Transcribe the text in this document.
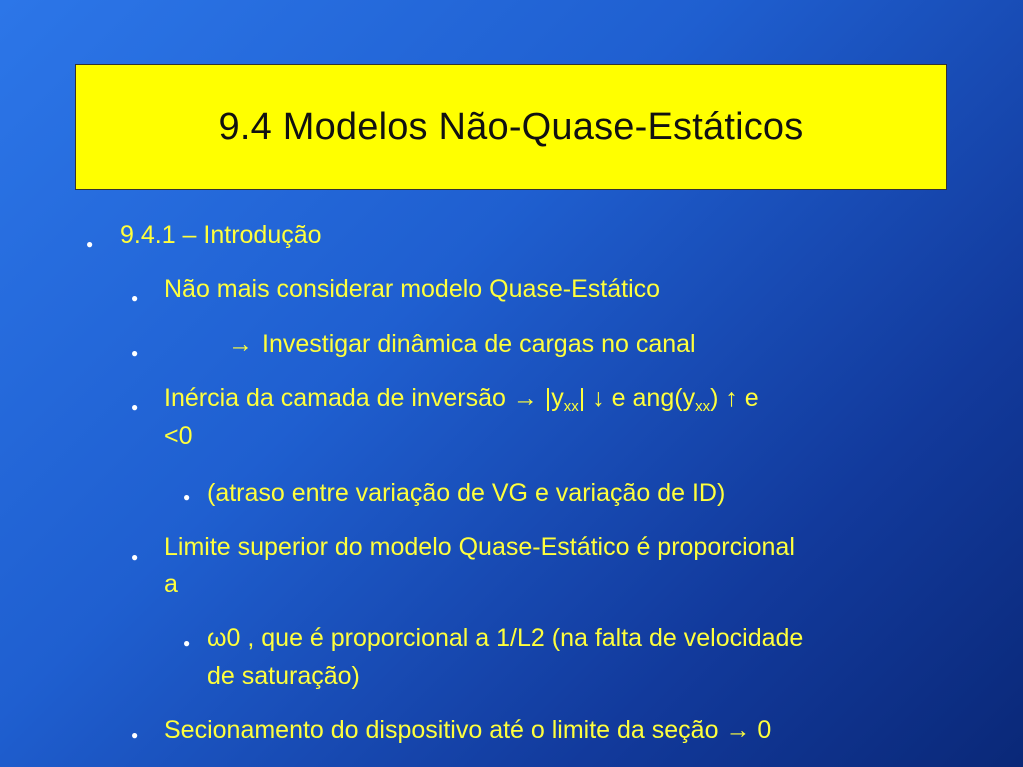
9.4 Modelos Não-Quase-Estáticos
● 9.4.1 – Introdução
● Não mais considerar modelo Quase-Estático
●	→ Investigar dinâmica de cargas no canal
● Inércia da camada de inversão → $|y_{xx}|$ ↓ e $ang(y_{xx})$ ↑ e
<0
● (atraso entre variação de VG e variação de ID)
● Limite superior do modelo Quase-Estático é proporcional
a
● ω0 , que é proporcional a 1/L2 (na falta de velocidade
de saturação)
● Secionamento do dispositivo até o limite da seção → 0
